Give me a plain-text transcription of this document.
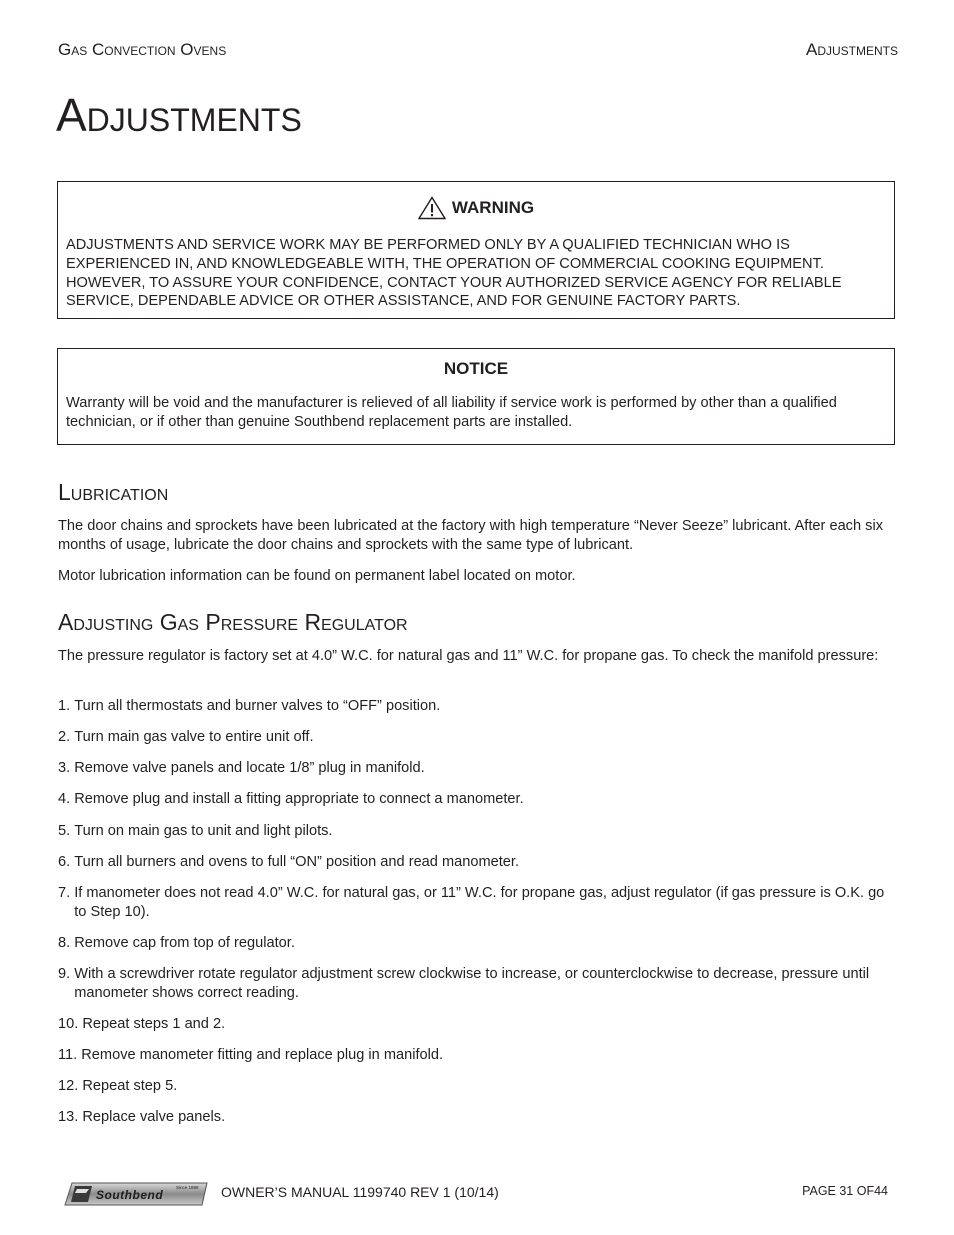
Gas Convection Ovens	Adjustments
Adjustments
WARNING
ADJUSTMENTS AND SERVICE WORK MAY BE PERFORMED ONLY BY A QUALIFIED TECHNICIAN WHO IS
EXPERIENCED IN, AND KNOWLEDGEABLE WITH, THE OPERATION OF COMMERCIAL COOKING EQUIPMENT.
HOWEVER, TO ASSURE YOUR CONFIDENCE, CONTACT YOUR AUTHORIZED SERVICE AGENCY FOR RELIABLE
SERVICE, DEPENDABLE ADVICE OR OTHER ASSISTANCE, AND FOR GENUINE FACTORY PARTS.
NOTICE
Warranty will be void and the manufacturer is relieved of all liability if service work is performed by other than a qualified technician, or if other than genuine Southbend replacement parts are installed.
Lubrication

The door chains and sprockets have been lubricated at the factory with high temperature “Never Seeze” lubricant. After each six months of usage, lubricate the door chains and sprockets with the same type of lubricant.

Motor lubrication information can be found on permanent label located on motor.

Adjusting Gas Pressure Regulator

The pressure regulator is factory set at 4.0” W.C. for natural gas and 11” W.C. for propane gas. To check the manifold pressure:

1. Turn all thermostats and burner valves to “OFF” position.
2. Turn main gas valve to entire unit off.
3. Remove valve panels and locate 1/8” plug in manifold.
4. Remove plug and install a fitting appropriate to connect a manometer.
5. Turn on main gas to unit and light pilots.
6. Turn all burners and ovens to full “ON” position and read manometer.
7. If manometer does not read 4.0” W.C. for natural gas, or 11” W.C. for propane gas, adjust regulator (if gas pressure is O.K. go to Step 10).
8. Remove cap from top of regulator.
9. With a screwdriver rotate regulator adjustment screw clockwise to increase, or counterclockwise to decrease, pressure until manometer shows correct reading.
10. Repeat steps 1 and 2.
11. Remove manometer fitting and replace plug in manifold.
12. Repeat step 5.
13. Replace valve panels.
Southbend
Since 1898 OWNER’S MANUAL 1199740 REV 1 (10/14)	PAGE 31 OF44
